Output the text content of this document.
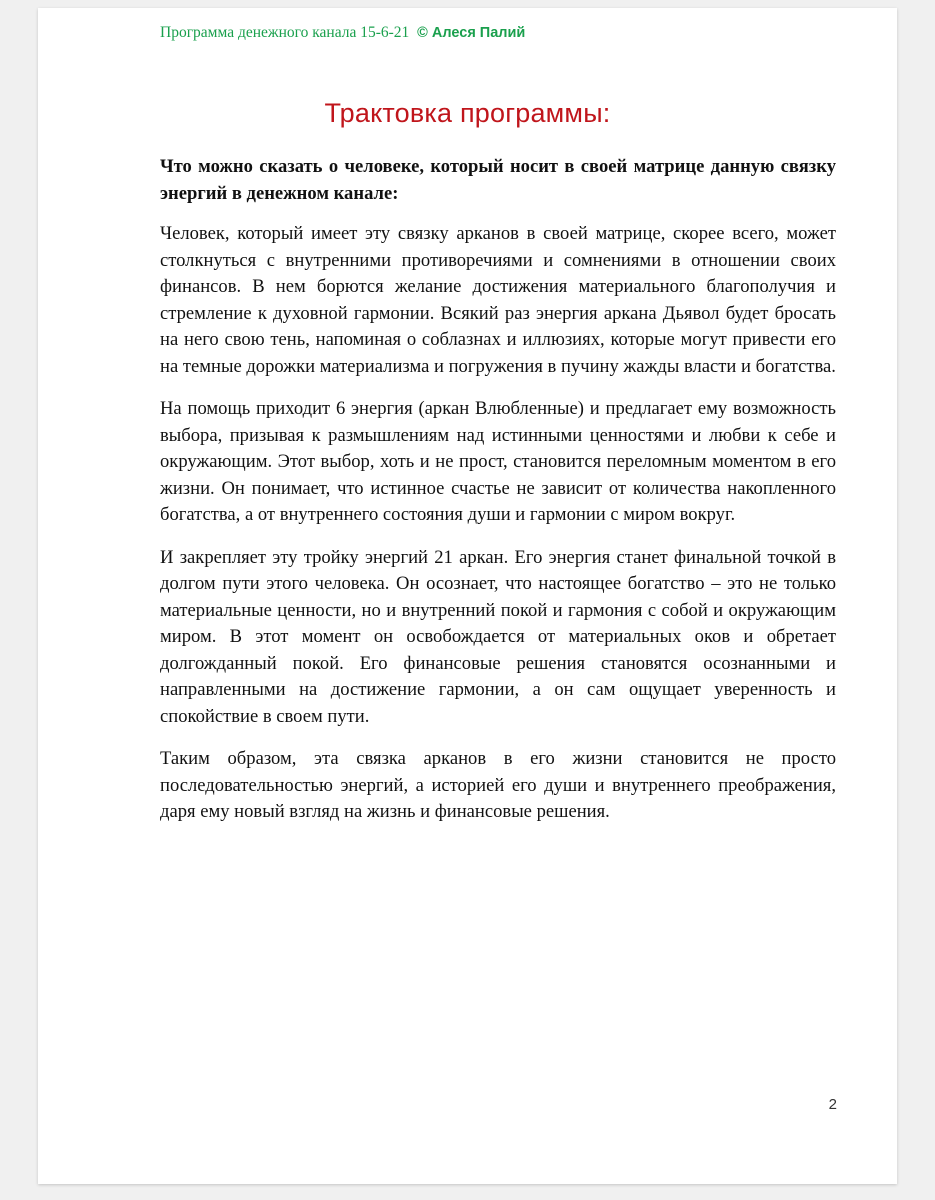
Программа денежного канала 15-6-21 © Алеся Палий
Трактовка программы:

Что можно сказать о человеке, который носит в своей матрице данную связку энергий в денежном канале:

Человек, который имеет эту связку арканов в своей матрице, скорее всего, может столкнуться с внутренними противоречиями и сомнениями в отношении своих финансов. В нем борются желание достижения материального благополучия и стремление к духовной гармонии. Всякий раз энергия аркана Дьявол будет бросать на него свою тень, напоминая о соблазнах и иллюзиях, которые могут привести его на темные дорожки материализма и погружения в пучину жажды власти и богатства.

На помощь приходит 6 энергия (аркан Влюбленные) и предлагает ему возможность выбора, призывая к размышлениям над истинными ценностями и любви к себе и окружающим. Этот выбор, хоть и не прост, становится переломным моментом в его жизни. Он понимает, что истинное счастье не зависит от количества накопленного богатства, а от внутреннего состояния души и гармонии с миром вокруг.

И закрепляет эту тройку энергий 21 аркан. Его энергия станет финальной точкой в долгом пути этого человека. Он осознает, что настоящее богатство – это не только материальные ценности, но и внутренний покой и гармония с собой и окружающим миром. В этот момент он освобождается от материальных оков и обретает долгожданный покой. Его финансовые решения становятся осознанными и направленными на достижение гармонии, а он сам ощущает уверенность и спокойствие в своем пути.

Таким образом, эта связка арканов в его жизни становится не просто последовательностью энергий, а историей его души и внутреннего преображения, даря ему новый взгляд на жизнь и финансовые решения.

2
